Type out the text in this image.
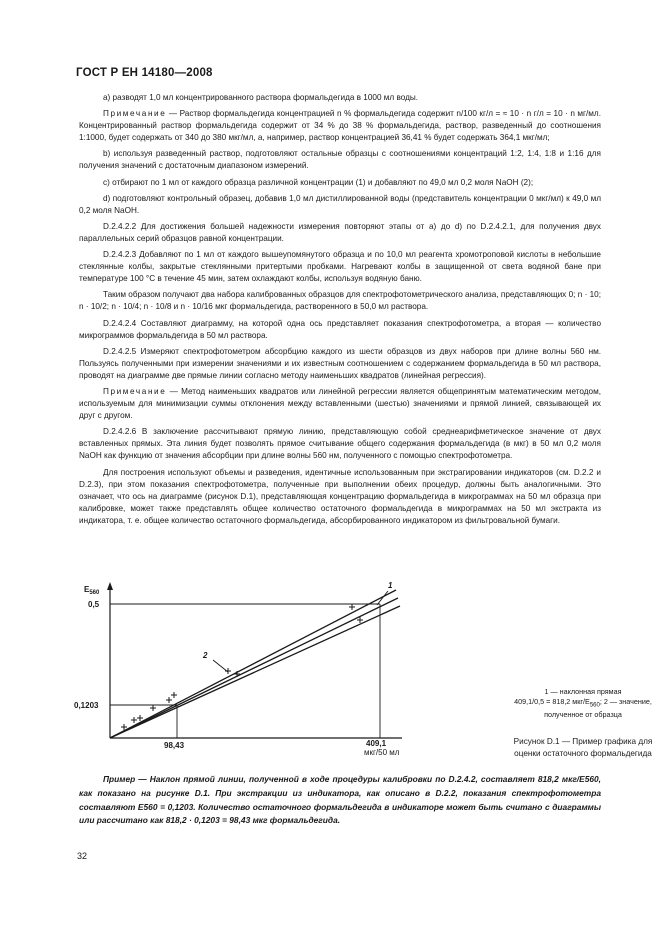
ГОСТ Р ЕН 14180—2008

а) разводят 1,0 мл концентрированного раствора формальдегида в 1000 мл воды.

Примечание — Раствор формальдегида концентрацией n % формальдегида содержит n/100 кг/л = ≈ 10 · n г/л = 10 · n мг/мл. Концентрированный раствор формальдегида содержит от 34 % до 38 % формальдегида, раствор, разведенный до соотношения 1:1000, будет содержать от 340 до 380 мкг/мл, а, например, раствор концентрацией 36,41 % будет содержать 364,1 мкг/мл;

b) используя разведенный раствор, подготовляют остальные образцы с соотношениями концентраций 1:2, 1:4, 1:8 и 1:16 для получения значений с достаточным диапазоном измерений.

c) отбирают по 1 мл от каждого образца различной концентрации (1) и добавляют по 49,0 мл 0,2 моля NaOH (2);

d) подготовляют контрольный образец, добавив 1,0 мл дистиллированной воды (представитель концентрации 0 мкг/мл) к 49,0 мл 0,2 моля NaOH.

D.2.4.2.2 Для достижения большей надежности измерения повторяют этапы от а) до d) по D.2.4.2.1, для получения двух параллельных серий образцов равной концентрации.

D.2.4.2.3 Добавляют по 1 мл от каждого вышеупомянутого образца и по 10,0 мл реагента хромотроповой кислоты в небольшие стеклянные колбы, закрытые стеклянными притертыми пробками. Нагревают колбы в защищенной от света водяной бане при температуре 100 °C в течение 45 мин, затем охлаждают колбы, используя водяную баню.

Таким образом получают два набора калиброванных образцов для спектрофотометрического анализа, представляющих 0; n · 10; n · 10/2; n · 10/4; n · 10/8 и n · 10/16 мкг формальдегида, растворенного в 50,0 мл раствора.

D.2.4.2.4 Составляют диаграмму, на которой одна ось представляет показания спектрофотометра, а вторая — количество микрограммов формальдегида в 50 мл раствора.

D.2.4.2.5 Измеряют спектрофотометром абсорбцию каждого из шести образцов из двух наборов при длине волны 560 нм. Пользуясь полученными при измерении значениями и их известным соотношением с содержанием формальдегида в 50 мл раствора, проводят на диаграмме две прямые линии согласно методу наименьших квадратов (линейная регрессия).

Примечание — Метод наименьших квадратов или линейной регрессии является общепринятым математическим методом, используемым для минимизации суммы отклонения между вставленными (шестью) значениями и прямой линией, связывающей их друг с другом.

D.2.4.2.6 В заключение рассчитывают прямую линию, представляющую собой среднеарифметическое значение от двух вставленных прямых. Эта линия будет позволять прямое считывание общего содержания формальдегида (в мкг) в 50 мл 0,2 моля NaOH как функцию от значения абсорбции при длине волны 560 нм, полученного с помощью спектрофотометра.

Для построения используют объемы и разведения, идентичные использованным при экстрагировании индикаторов (см. D.2.2 и D.2.3), при этом показания спектрофотометра, полученные при выполнении обеих процедур, должны быть аналогичными. Это означает, что ось на диаграмме (рисунок D.1), представляющая концентрацию формальдегида в микрограммах на 50 мл образца при калибровке, может также представлять общее количество остаточного формальдегида в микрограммах на 50 мл экстракта из индикатора, т. е. общее количество остаточного формальдегида, абсорбированного индикатором из фильтровальной бумаги.

$E_{560}$
0,5
0,1203
98,43	409,1
мкг/50 мл
1
2
1 — наклонная прямая
409,1/0,5 = 818,2 мкг/$E_{560}$; 2 — значение,
полученное от образца
Рисунок D.1 — Пример графика для
оценки остаточного формальдегида
Пример — Наклон прямой линии, полученной в ходе процедуры калибровки по D.2.4.2, составляет 818,2 мкг/E560, как показано на рисунке D.1. При экстракции из индикатора, как описано в D.2.2, показания спектрофотометра составляют E560 = 0,1203. Количество остаточного формальдегида в индикаторе может быть считано с диаграммы или рассчитано как 818,2 · 0,1203 = 98,43 мкг формальдегида.
32
